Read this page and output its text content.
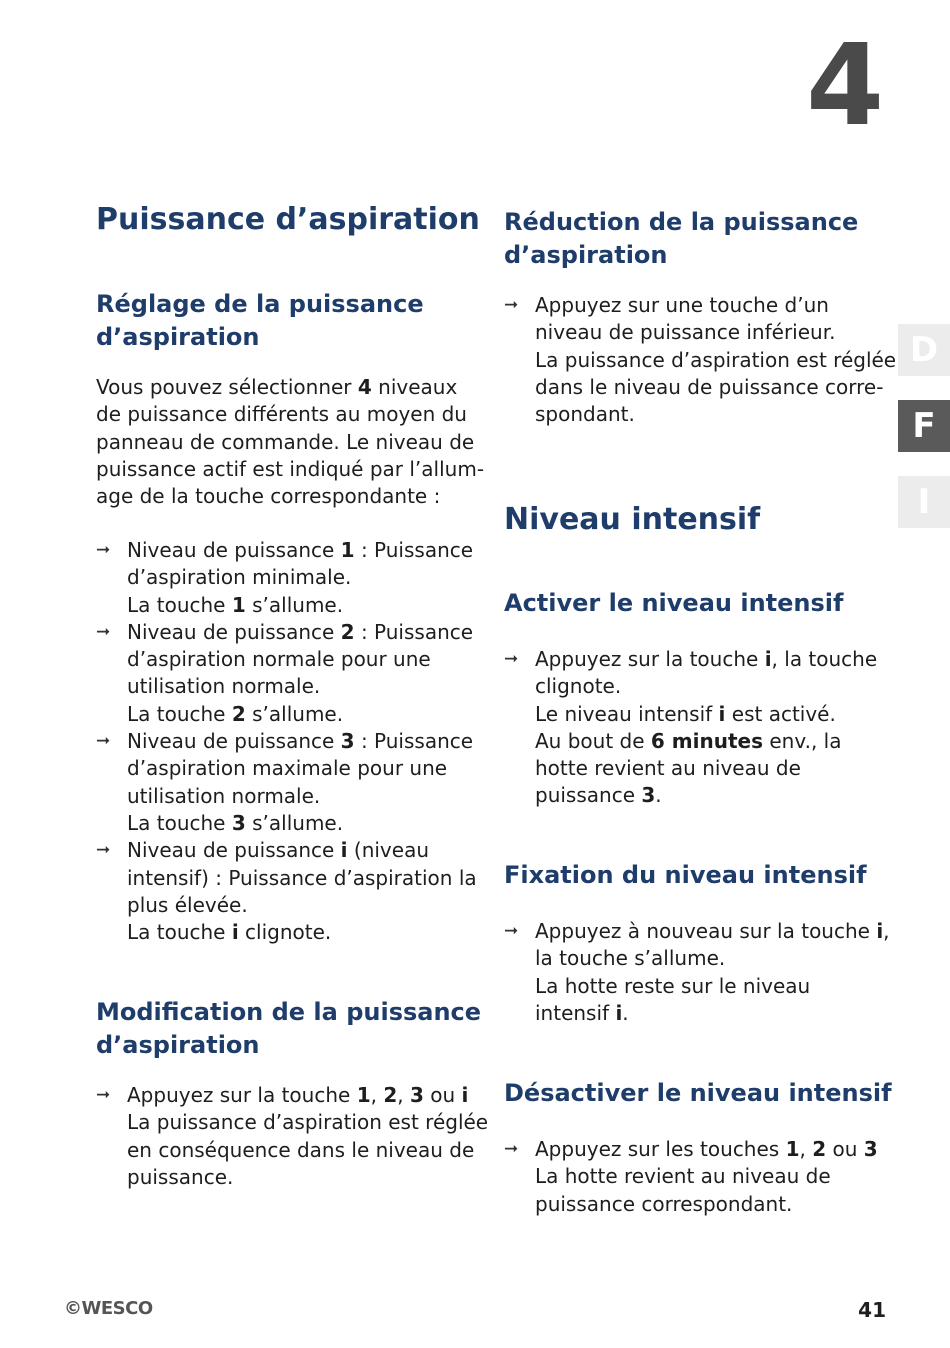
4
Puissance d’aspiration
Réglage de la puissance
d’aspiration

Vous pouvez sélectionner 4 niveaux
de puissance différents au moyen du
panneau de commande. Le niveau de
puissance actif est indiqué par l’allum-
age de la touche correspondante :

➞ Niveau de puissance 1 : Puissance
d’aspiration minimale.
La touche 1 s’allume.
➞ Niveau de puissance 2 : Puissance
d’aspiration normale pour une
utilisation normale.
La touche 2 s’allume.
➞ Niveau de puissance 3 : Puissance
d’aspiration maximale pour une
utilisation normale.
La touche 3 s’allume.
➞ Niveau de puissance i (niveau
intensif) : Puissance d’aspiration la
plus élevée.
La touche i clignote.
Modification de la puissance
d’aspiration
➞ Appuyez sur la touche 1, 2, 3 ou i
La puissance d’aspiration est réglée
en conséquence dans le niveau de
puissance.
Réduction de la puissance
d’aspiration
➞ Appuyez sur une touche d’un
niveau de puissance inférieur.
La puissance d’aspiration est réglée
dans le niveau de puissance corre-
spondant.
Niveau intensif
Activer le niveau intensif
➞ Appuyez sur la touche i, la touche
clignote.
Le niveau intensif i est activé.
Au bout de 6 minutes env., la
hotte revient au niveau de
puissance 3.
Fixation du niveau intensif
➞ Appuyez à nouveau sur la touche i,
la touche s’allume.
La hotte reste sur le niveau
intensif i.
Désactiver le niveau intensif
➞ Appuyez sur les touches 1, 2 ou 3
La hotte revient au niveau de
puissance correspondant.
D
F
I
©WESCO	41
